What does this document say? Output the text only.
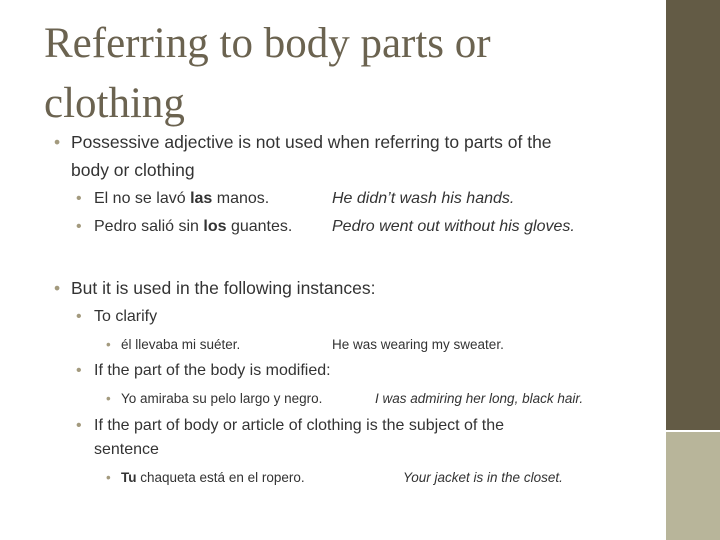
Referring to body parts or
clothing
• Possessive adjective is not used when referring to parts of the
body or clothing
• El no se lavó las manos.	He didn’t wash his hands.
• Pedro salió sin los guantes. Pedro went out without his gloves.
• But it is used in the following instances:
• To clarify
• él llevaba mi suéter.	He was wearing my sweater.
• If the part of the body is modified:
• Yo amiraba su pelo largo y negro.	I was admiring her long, black hair.
• If the part of body or article of clothing is the subject of the
sentence
• Tu chaqueta está en el ropero.	Your jacket is in the closet.
